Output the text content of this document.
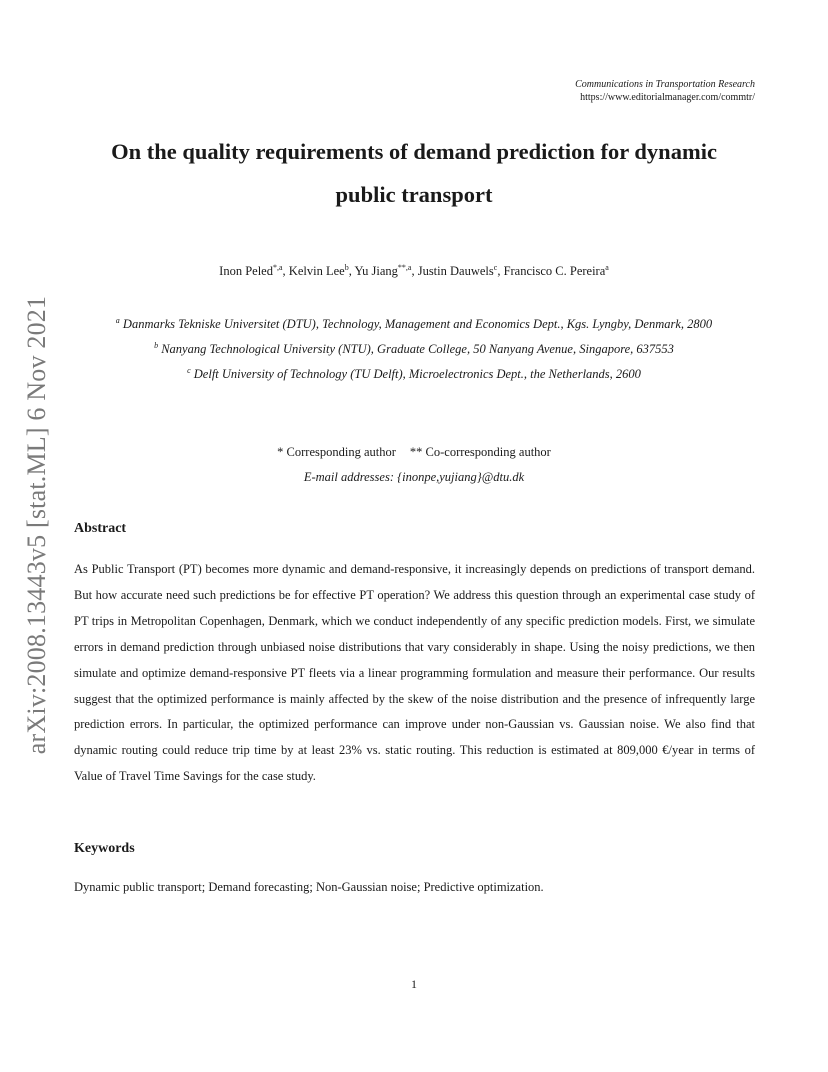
arXiv:2008.13443v5 [stat.ML] 6 Nov 2021
Communications in Transportation Research
https://www.editorialmanager.com/commtr/
On the quality requirements of demand prediction for dynamic
public transport
Inon Peled$^{*,a}$, Kelvin Lee$^b$, Yu Jiang$^{**,a}$, Justin Dauwels$^c$, Francisco C. Pereira$^a$
$^a$ Danmarks Tekniske Universitet (DTU), Technology, Management and Economics Dept., Kgs. Lyngby, Denmark, 2800
$^b$ Nanyang Technological University (NTU), Graduate College, 50 Nanyang Avenue, Singapore, 637553
$^c$ Delft University of Technology (TU Delft), Microelectronics Dept., the Netherlands, 2600
* Corresponding author ** Co-corresponding author
E-mail addresses: {inonpe,yujiang}@dtu.dk
Abstract

As Public Transport (PT) becomes more dynamic and demand-responsive, it increasingly depends on predictions of transport demand. But how accurate need such predictions be for effective PT operation? We address this question through an experimental case study of PT trips in Metropolitan Copenhagen, Denmark, which we conduct independently of any specific prediction models. First, we simulate errors in demand prediction through unbiased noise distributions that vary considerably in shape. Using the noisy predictions, we then simulate and optimize demand-responsive PT fleets via a linear programming formulation and measure their performance. Our results suggest that the optimized performance is mainly affected by the skew of the noise distribution and the presence of infrequently large prediction errors. In particular, the optimized performance can improve under non-Gaussian vs. Gaussian noise. We also find that dynamic routing could reduce trip time by at least 23% vs. static routing. This reduction is estimated at 809,000 €/year in terms of Value of Travel Time Savings for the case study.

Keywords

Dynamic public transport; Demand forecasting; Non-Gaussian noise; Predictive optimization.

1
